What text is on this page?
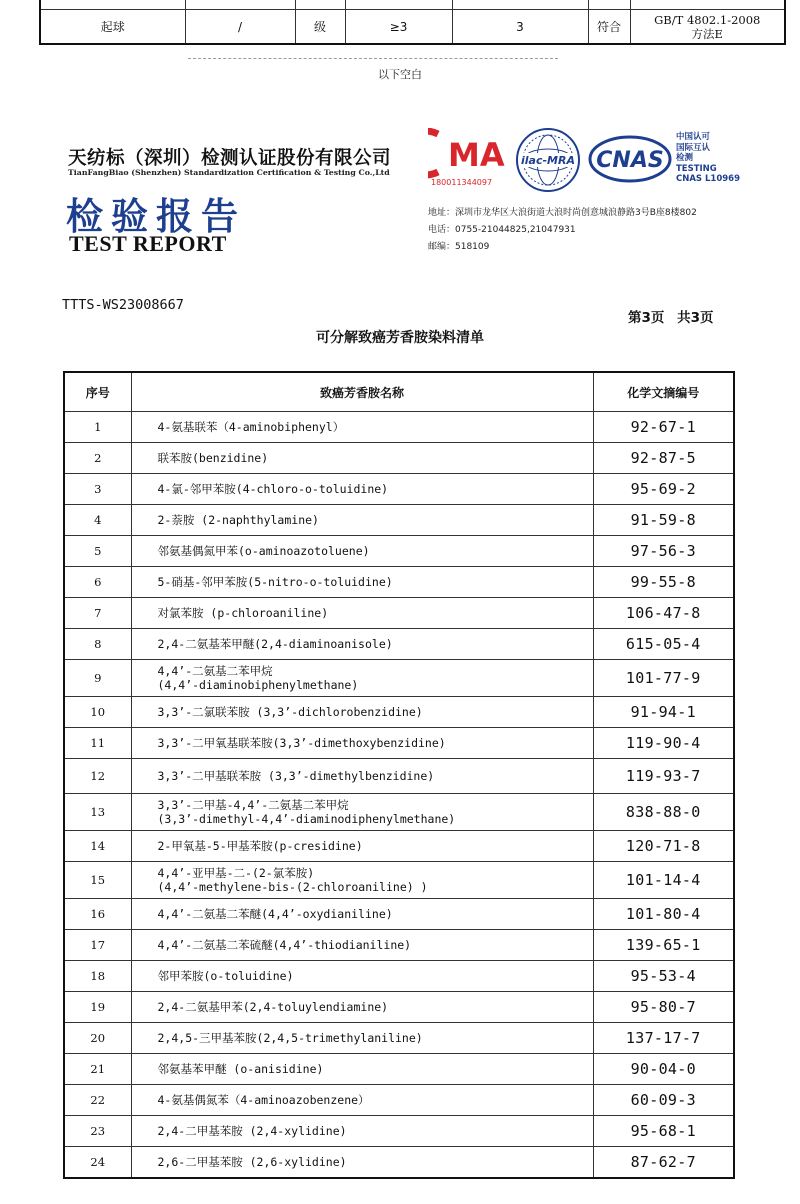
起球	/	级	≥3	3	符合	GB/T 4802.1-2008
方法E
以下空白
天纺标（深圳）检测认证股份有限公司
TianFangBiao (Shenzhen) Standardization Certification & Testing Co.,Ltd
检验报告
TEST REPORT
MA
180011344097
ilac-MRA CNAS
中国认可
国际互认
检测
TESTING
CNAS L10969
地址：深圳市龙华区大浪街道大浪时尚创意城浪静路3号B座8楼802
电话：0755-21044825,21047931
邮编：518109
TTTS-WS23008667
第3页 共3页
可分解致癌芳香胺染料清单
序号	致癌芳香胺名称	化学文摘编号
1	4-氨基联苯（4-aminobiphenyl）	92-67-1
2	联苯胺(benzidine)	92-87-5
3	4-氯-邻甲苯胺(4-chloro-o-toluidine)	95-69-2
4	2-萘胺 (2-naphthylamine)	91-59-8
5	邻氨基偶氮甲苯(o-aminoazotoluene)	97-56-3
6	5-硝基-邻甲苯胺(5-nitro-o-toluidine)	99-55-8
7	对氯苯胺 (p-chloroaniline)	106-47-8
8	2,4-二氨基苯甲醚(2,4-diaminoanisole)	615-05-4
9	4,4’-二氨基二苯甲烷
(4,4’-diaminobiphenylmethane)	101-77-9
10	3,3’-二氯联苯胺 (3,3’-dichlorobenzidine)	91-94-1
11	3,3’-二甲氧基联苯胺(3,3’-dimethoxybenzidine)	119-90-4
12	3,3’-二甲基联苯胺 (3,3’-dimethylbenzidine)	119-93-7
13	3,3’-二甲基-4,4’-二氨基二苯甲烷
(3,3’-dimethyl-4,4’-diaminodiphenylmethane)	838-88-0
14	2-甲氧基-5-甲基苯胺(p-cresidine)	120-71-8
15	4,4’-亚甲基-二-(2-氯苯胺)
(4,4’-methylene-bis-(2-chloroaniline) )	101-14-4
16	4,4’-二氨基二苯醚(4,4’-oxydianiline)	101-80-4
17	4,4’-二氨基二苯硫醚(4,4’-thiodianiline)	139-65-1
18	邻甲苯胺(o-toluidine)	95-53-4
19	2,4-二氨基甲苯(2,4-toluylendiamine)	95-80-7
20	2,4,5-三甲基苯胺(2,4,5-trimethylaniline)	137-17-7
21	邻氨基苯甲醚 (o-anisidine)	90-04-0
22	4-氨基偶氮苯（4-aminoazobenzene）	60-09-3
23	2,4-二甲基苯胺 (2,4-xylidine)	95-68-1
24	2,6-二甲基苯胺 (2,6-xylidine)	87-62-7
